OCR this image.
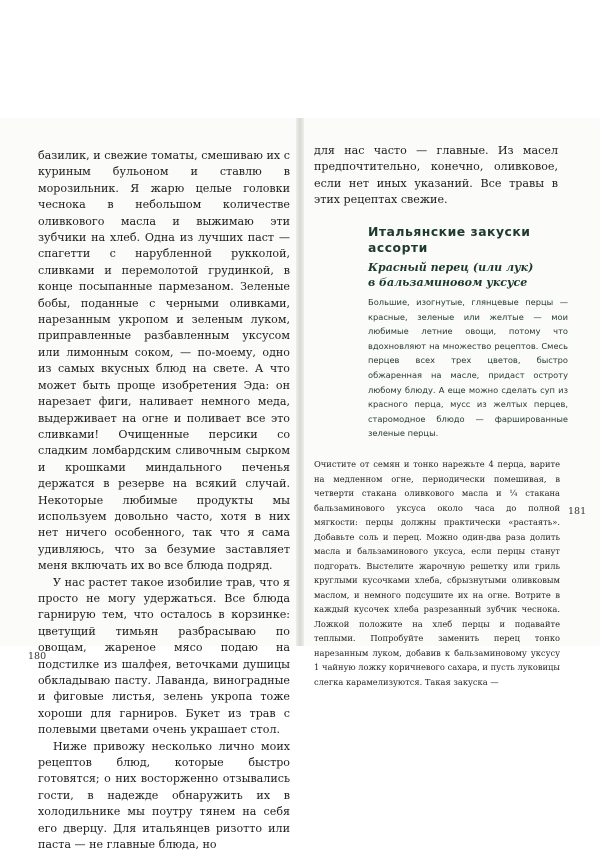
базилик, и свежие томаты, смешиваю их с куриным бульоном и ставлю в морозильник. Я жарю целые головки чеснока в небольшом количестве оливкового масла и выжимаю эти зубчики на хлеб. Одна из лучших паст — спагетти с нарубленной рукколой, сливками и перемолотой грудинкой, в конце посыпанные пармезаном. Зеленые бобы, поданные с черными оливками, нарезанным укропом и зеленым луком, приправленные разбавленным уксусом или лимонным соком, — по-моему, одно из самых вкусных блюд на свете. А что может быть проще изобретения Эда: он нарезает фиги, наливает немного меда, выдерживает на огне и поливает все это сливками! Очищенные персики со сладким ломбардским сливочным сырком и крошками миндального печенья держатся в резерве на всякий случай. Некоторые любимые продукты мы используем довольно часто, хотя в них нет ничего особенного, так что я сама удивляюсь, что за безумие заставляет меня включать их во все блюда подряд.

У нас растет такое изобилие трав, что я просто не могу удержаться. Все блюда гарнирую тем, что осталось в корзинке: цветущий тимьян разбрасываю по овощам, жареное мясо подаю на подстилке из шалфея, веточками душицы обкладываю пасту. Лаванда, виноградные и фиговые листья, зелень укропа тоже хороши для гарниров. Букет из трав с полевыми цветами очень украшает стол.

Ниже привожу несколько лично моих рецептов блюд, которые быстро готовятся; о них восторженно отзывались гости, в надежде обнаружить их в холодильнике мы поутру тянем на себя его дверцу. Для итальянцев ризотто или паста — не главные блюда, но

180

для нас часто — главные. Из масел предпочтительно, конечно, оливковое, если нет иных указаний. Все травы в этих рецептах свежие.

Итальянские закуски
ассорти
Красный перец (или лук)
в бальзаминовом уксусе

Большие, изогнутые, глянцевые перцы — красные, зеленые или желтые — мои любимые летние овощи, потому что вдохновляют на множество рецептов. Смесь перцев всех трех цветов, быстро обжаренная на масле, придаст остроту любому блюду. А еще можно сделать суп из красного перца, мусс из желтых перцев, старомодное блюдо — фаршированные зеленые перцы.

Очистите от семян и тонко нарежьте 4 перца, варите на медленном огне, периодически помешивая, в четверти стакана оливкового масла и ¼ стакана бальзаминового уксуса около часа до полной мягкости: перцы должны практически «растаять». Добавьте соль и перец. Можно один-два раза долить масла и бальзаминового уксуса, если перцы станут подгорать. Выстелите жарочную решетку или гриль круглыми кусочками хлеба, сбрызнутыми оливковым маслом, и немного подсушите их на огне. Вотрите в каждый кусочек хлеба разрезанный зубчик чеснока. Ложкой положите на хлеб перцы и подавайте теплыми. Попробуйте заменить перец тонко нарезанным луком, добавив к бальзаминовому уксусу 1 чайную ложку коричневого сахара, и пусть луковицы слегка карамелизуются. Такая закуска —

181
